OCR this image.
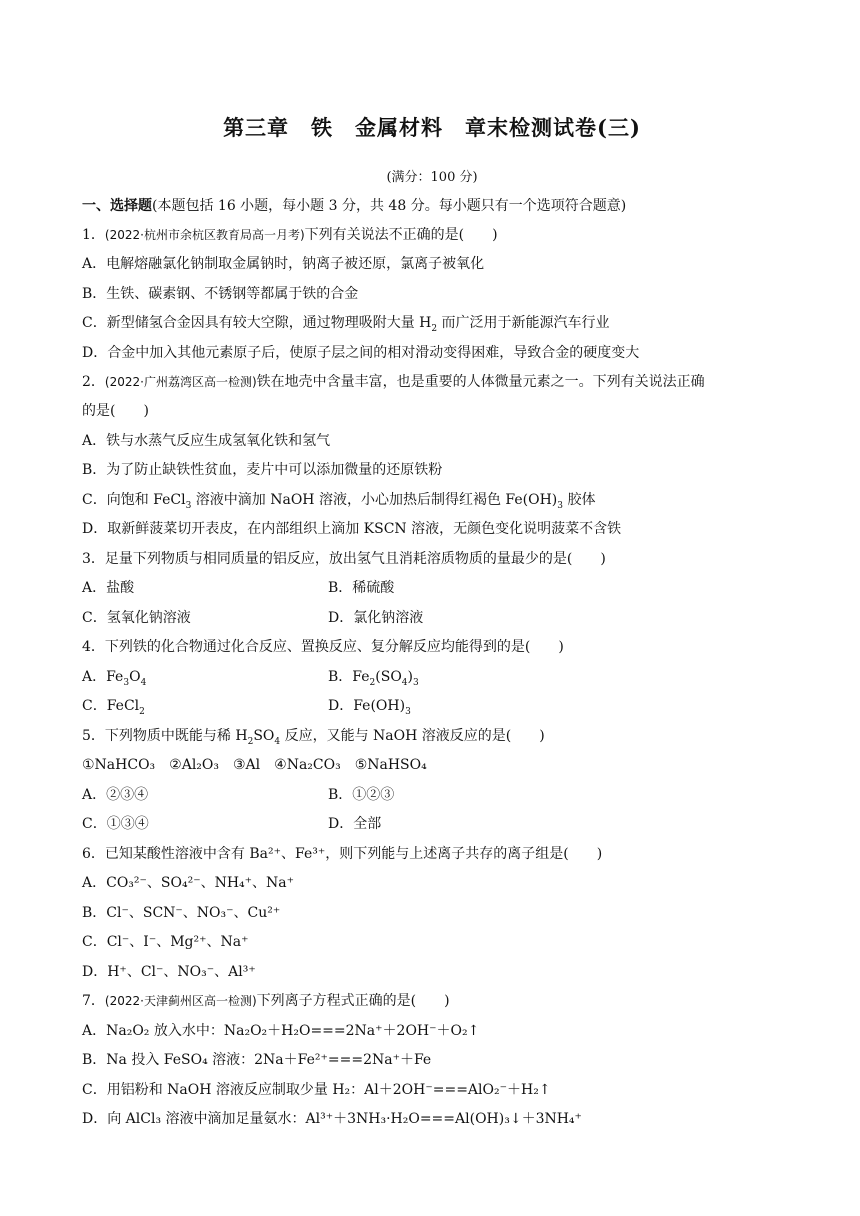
第三章　铁　金属材料　章末检测试卷(三)

(满分：100 分)

一、选择题(本题包括 16 小题，每小题 3 分，共 48 分。每小题只有一个选项符合题意)

1．(2022·杭州市余杭区教育局高一月考)下列有关说法不正确的是(　　)

A．电解熔融氯化钠制取金属钠时，钠离子被还原，氯离子被氧化

B．生铁、碳素钢、不锈钢等都属于铁的合金

C．新型储氢合金因具有较大空隙，通过物理吸附大量 $H_2$ 而广泛用于新能源汽车行业

D．合金中加入其他元素原子后，使原子层之间的相对滑动变得困难，导致合金的硬度变大

2．(2022·广州荔湾区高一检测)铁在地壳中含量丰富，也是重要的人体微量元素之一。下列有关说法正确

的是(　　)

A．铁与水蒸气反应生成氢氧化铁和氢气

B．为了防止缺铁性贫血，麦片中可以添加微量的还原铁粉

C．向饱和 FeCl$_3$ 溶液中滴加 NaOH 溶液，小心加热后制得红褐色 $Fe(OH)_3$ 胶体

D．取新鲜菠菜切开表皮，在内部组织上滴加 KSCN 溶液，无颜色变化说明菠菜不含铁

3．足量下列物质与相同质量的铝反应，放出氢气且消耗溶质物质的量最少的是(　　)

A．盐酸	B．稀硫酸

C．氢氧化钠溶液	D．氯化钠溶液

4．下列铁的化合物通过化合反应、置换反应、复分解反应均能得到的是(　　)

A．$Fe_3O_4$	B．$Fe_2(SO_4)_3$

C．FeCl$_2$	D．$Fe(OH)_3$

5．下列物质中既能与稀 $H_2SO_4$ 反应，又能与 NaOH 溶液反应的是(　　)

①NaHCO₃　②Al₂O₃　③Al　④Na₂CO₃　⑤NaHSO₄

A．②③④	B．①②③

C．①③④	D．全部

6．已知某酸性溶液中含有 Ba²⁺、Fe³⁺，则下列能与上述离子共存的离子组是(　　)

A．CO₃²⁻、SO₄²⁻、NH₄⁺、Na⁺

B．Cl⁻、SCN⁻、NO₃⁻、Cu²⁺

C．Cl⁻、I⁻、Mg²⁺、Na⁺

D．H⁺、Cl⁻、NO₃⁻、Al³⁺

7．(2022·天津蓟州区高一检测)下列离子方程式正确的是(　　)

A．Na₂O₂ 放入水中：Na₂O₂＋H₂O===2Na⁺＋2OH⁻＋O₂↑

B．Na 投入 FeSO₄ 溶液：2Na＋Fe²⁺===2Na⁺＋Fe

C．用铝粉和 NaOH 溶液反应制取少量 H₂：Al＋2OH⁻===AlO₂⁻＋H₂↑

D．向 AlCl₃ 溶液中滴加足量氨水：Al³⁺＋3NH₃·H₂O===Al(OH)₃↓＋3NH₄⁺
